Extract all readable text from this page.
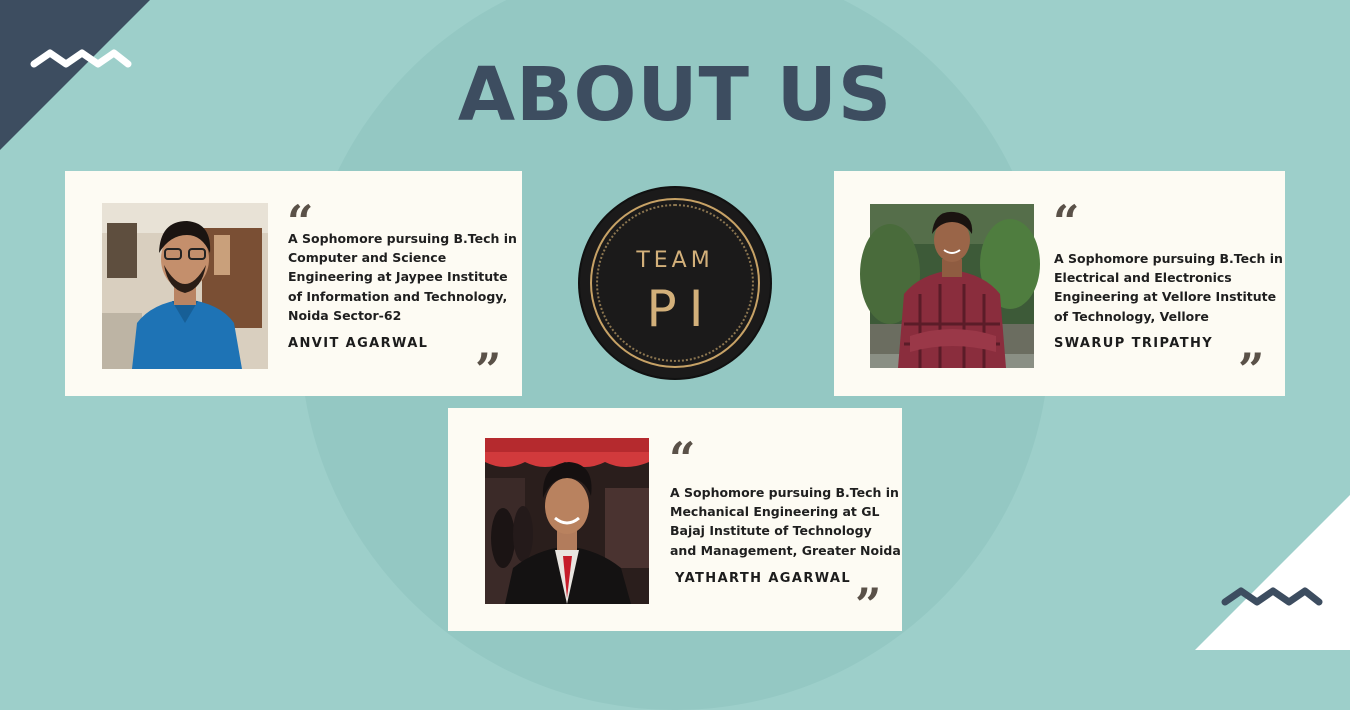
ABOUT US
“
A Sophomore pursuing B.Tech in Computer and Science Engineering at Jaypee Institute of Information and Technology, Noida Sector-62
ANVIT AGARWAL ”
“
A Sophomore pursuing B.Tech in Electrical and Electronics Engineering at Vellore Institute of Technology, Vellore
SWARUP TRIPATHY ”
“
A Sophomore pursuing B.Tech in Mechanical Engineering at GL Bajaj Institute of Technology and Management, Greater Noida
YATHARTH AGARWAL ”
TEAM
PI
